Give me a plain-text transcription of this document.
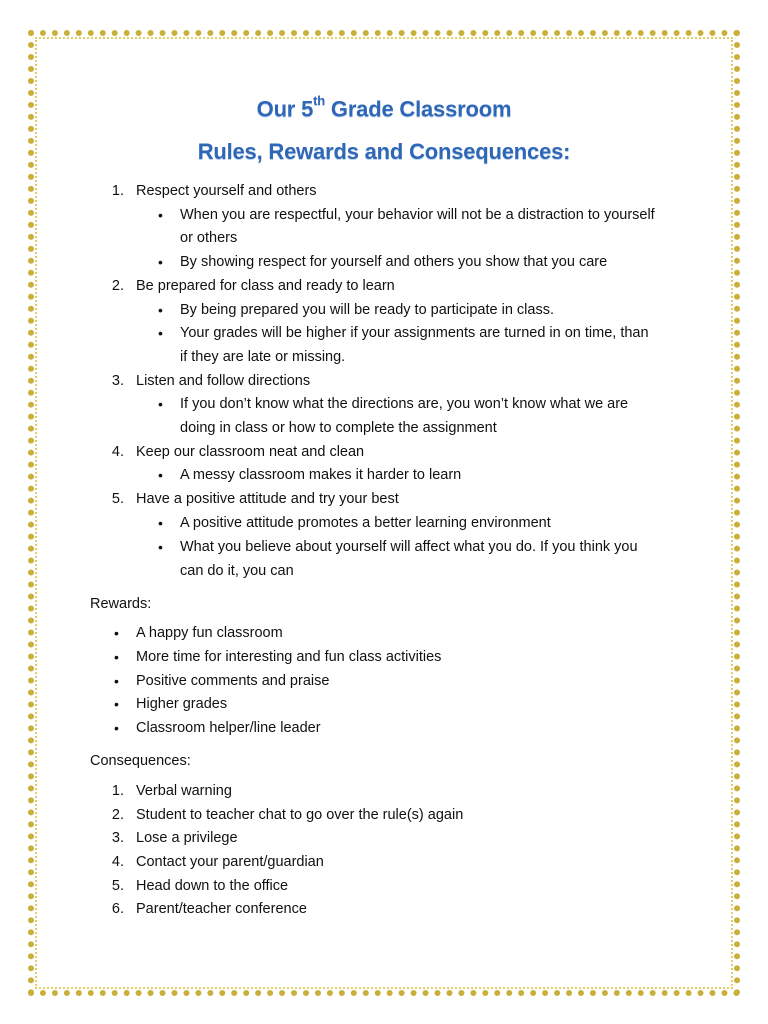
Our 5th Grade Classroom
Rules, Rewards and Consequences:
1. Respect yourself and others
• When you are respectful, your behavior will not be a distraction to yourself
or others
• By showing respect for yourself and others you show that you care
2. Be prepared for class and ready to learn
• By being prepared you will be ready to participate in class.
• Your grades will be higher if your assignments are turned in on time, than
if they are late or missing.
3. Listen and follow directions
• If you don’t know what the directions are, you won’t know what we are
doing in class or how to complete the assignment
4. Keep our classroom neat and clean
• A messy classroom makes it harder to learn
5. Have a positive attitude and try your best
• A positive attitude promotes a better learning environment
• What you believe about yourself will affect what you do. If you think you
can do it, you can
Rewards:
• A happy fun classroom
• More time for interesting and fun class activities
• Positive comments and praise
• Higher grades
• Classroom helper/line leader
Consequences:
1. Verbal warning
2. Student to teacher chat to go over the rule(s) again
3. Lose a privilege
4. Contact your parent/guardian
5. Head down to the office
6. Parent/teacher conference
